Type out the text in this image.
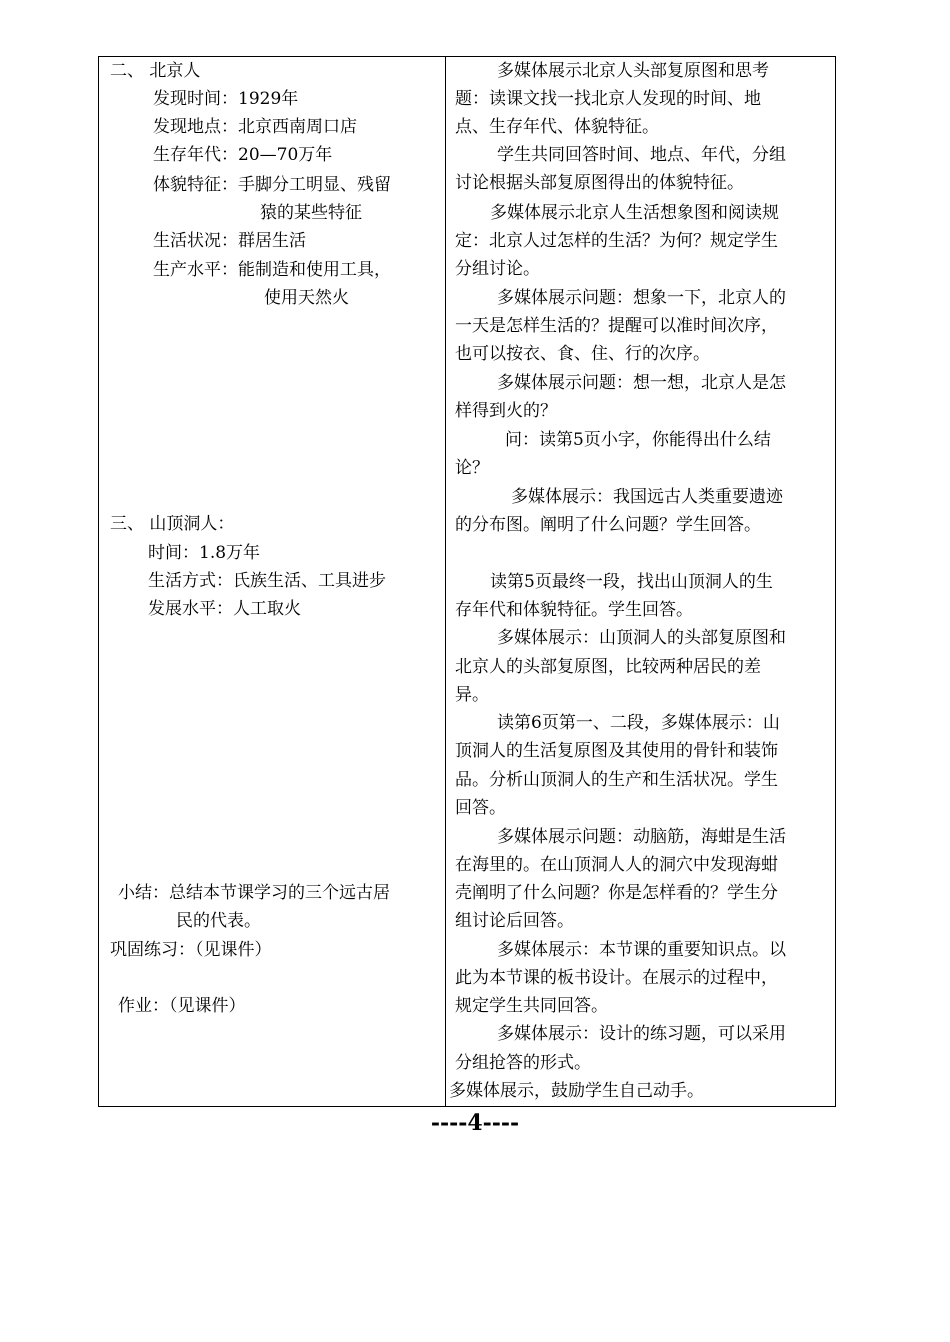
二、 北京人
发现时间：1929年
发现地点：北京西南周口店
生存年代：20—70万年
体貌特征：手脚分工明显、残留
猿的某些特征
生活状况：群居生活
生产水平：能制造和使用工具，
使用天然火
三、 山顶洞人：
时间：1.8万年
生活方式：氏族生活、工具进步
发展水平：人工取火
小结：总结本节课学习的三个远古居
民的代表。
巩固练习：（见课件）
作业：（见课件）
多媒体展示北京人头部复原图和思考
题：读课文找一找北京人发现的时间、地
点、生存年代、体貌特征。
学生共同回答时间、地点、年代，分组
讨论根据头部复原图得出的体貌特征。
多媒体展示北京人生活想象图和阅读规
定：北京人过怎样的生活？为何？规定学生
分组讨论。
多媒体展示问题：想象一下，北京人的
一天是怎样生活的？提醒可以准时间次序，
也可以按衣、食、住、行的次序。
多媒体展示问题：想一想，北京人是怎
样得到火的？
问：读第5页小字，你能得出什么结
论？
多媒体展示：我国远古人类重要遗迹
的分布图。阐明了什么问题？学生回答。
读第5页最终一段，找出山顶洞人的生
存年代和体貌特征。学生回答。
多媒体展示：山顶洞人的头部复原图和
北京人的头部复原图，比较两种居民的差
异。
读第6页第一、二段，多媒体展示：山
顶洞人的生活复原图及其使用的骨针和装饰
品。分析山顶洞人的生产和生活状况。学生
回答。
多媒体展示问题：动脑筋，海蚶是生活
在海里的。在山顶洞人人的洞穴中发现海蚶
壳阐明了什么问题？你是怎样看的？学生分
组讨论后回答。
多媒体展示：本节课的重要知识点。以
此为本节课的板书设计。在展示的过程中，
规定学生共同回答。
多媒体展示：设计的练习题，可以采用
分组抢答的形式。
多媒体展示，鼓励学生自己动手。
----4----
